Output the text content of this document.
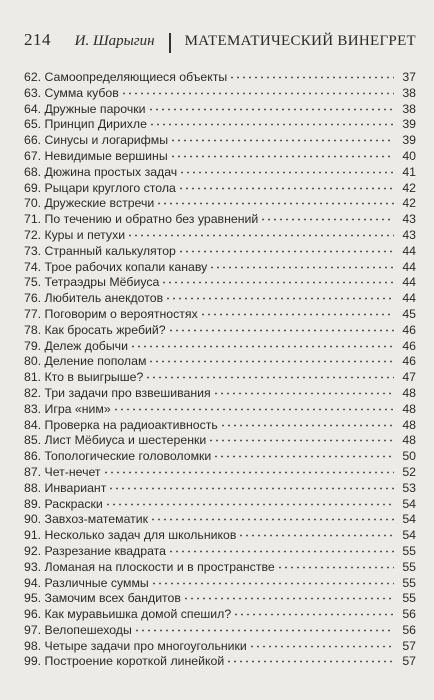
214 И. Шарыгин МАТЕМАТИЧЕСКИЙ ВИНЕГРЕТ
62. Самоопределяющиеся объекты	37
63. Сумма кубов	38
64. Дружные парочки	38
65. Принцип Дирихле	39
66. Синусы и логарифмы	39
67. Невидимые вершины	40
68. Дюжина простых задач	41
69. Рыцари круглого стола	42
70. Дружеские встречи	42
71. По течению и обратно без уравнений	43
72. Куры и петухи	43
73. Странный калькулятор	44
74. Трое рабочих копали канаву	44
75. Тетраэдры Мёбиуса	44
76. Любитель анекдотов	44
77. Поговорим о вероятностях	45
78. Как бросать жребий?	46
79. Дележ добычи	46
80. Деление пополам	46
81. Кто в выигрыше?	47
82. Три задачи про взвешивания	48
83. Игра «ним»	48
84. Проверка на радиоактивность	48
85. Лист Мёбиуса и шестеренки	48
86. Топологические головоломки	50
87. Чет-нечет	52
88. Инвариант	53
89. Раскраски	54
90. Завхоз-математик	54
91. Несколько задач для школьников	54
92. Разрезание квадрата	55
93. Ломаная на плоскости и в пространстве	55
94. Различные суммы	55
95. Замочим всех бандитов	55
96. Как муравьишка домой спешил?	56
97. Велопешеходы	56
98. Четыре задачи про многоугольники	57
99. Построение короткой линейкой	57
